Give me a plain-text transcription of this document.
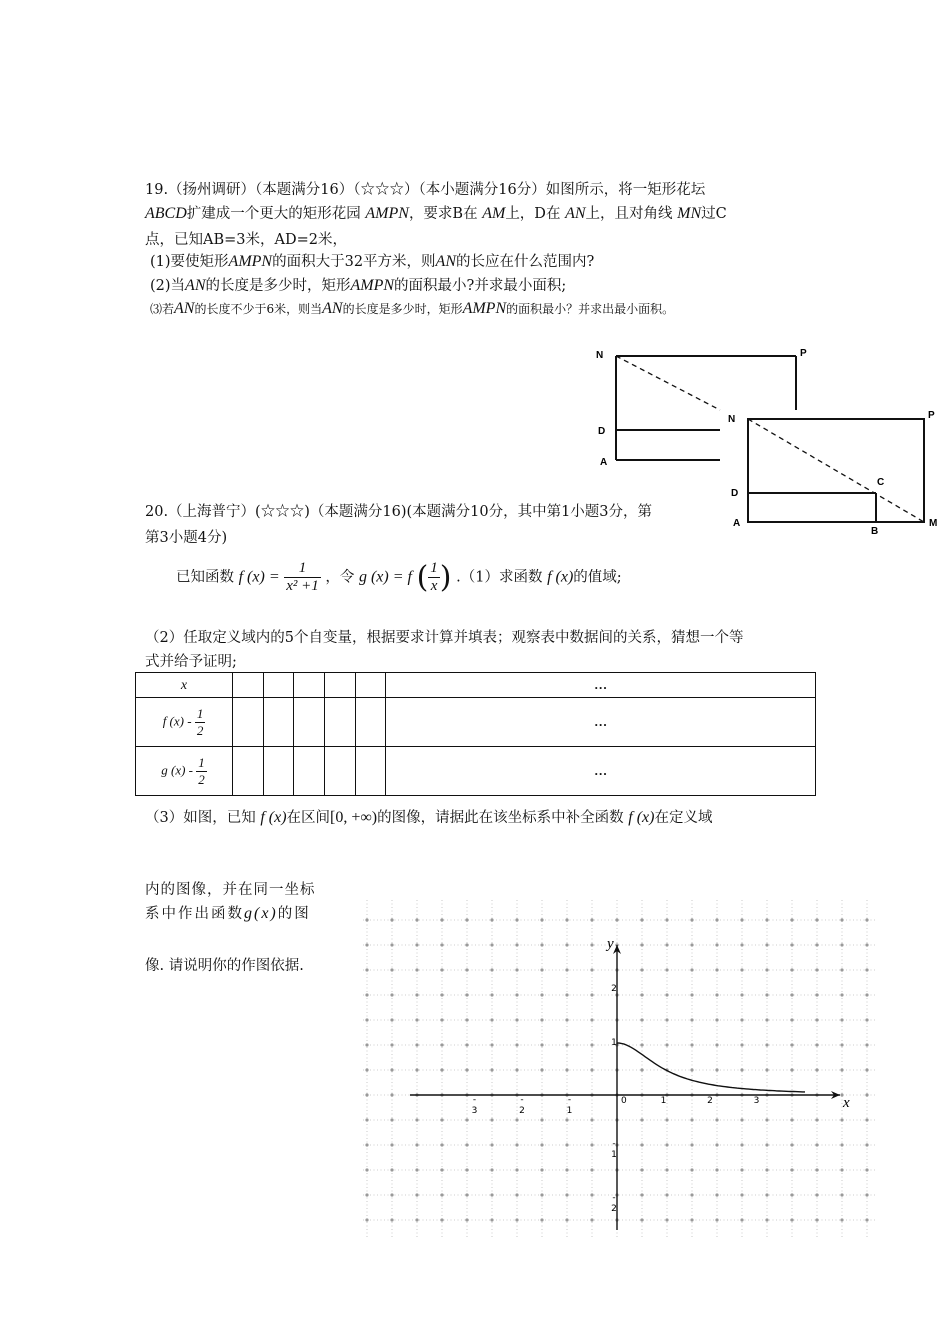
19.（扬州调研）（本题满分16）（☆☆☆）（本小题满分16分）如图所示，将一矩形花坛
ABCD扩建成一个更大的矩形花园 AMPN，要求B在 AM上，D在 AN上，且对角线 MN过C
点，已知AB=3米，AD=2米，
(1)要使矩形AMPN的面积大于32平方米，则AN的长应在什么范围内?
(2)当AN的长度是多少时，矩形AMPN的面积最小?并求最小面积;
⑶若AN的长度不少于6米，则当AN的长度是多少时，矩形AMPN的面积最小？并求出最小面积。
N	P
D
A
N	P
D
A
C
B
M
20.（上海普宁）(☆☆☆)（本题满分16)(本题满分10分，其中第1小题3分，第
第3小题4分)
已知函数 f $(x) = \frac{1}{\text{x² +1}}$ ，令 g (x) = f ( $\frac{1}{x}$ ) .（1）求函数 f (x)的值域;
（2）任取定义域内的5个自变量，根据要求计算并填表；观察表中数据间的关系，猜想一个等
式并给予证明;
x						…
f $(x) - \frac{1}{2}$						…
g $(x) - \frac{1}{2}$						…
（3）如图，已知 f (x)在区间[0, +∞)的图像，请据此在该坐标系中补全函数 f (x)在定义域
内的图像，并在同一坐标
系中作出函数g(x)的图
像. 请说明你的作图依据.
x
y
0	1	2	3
-1
-2
-3
1
2
-1
-2
